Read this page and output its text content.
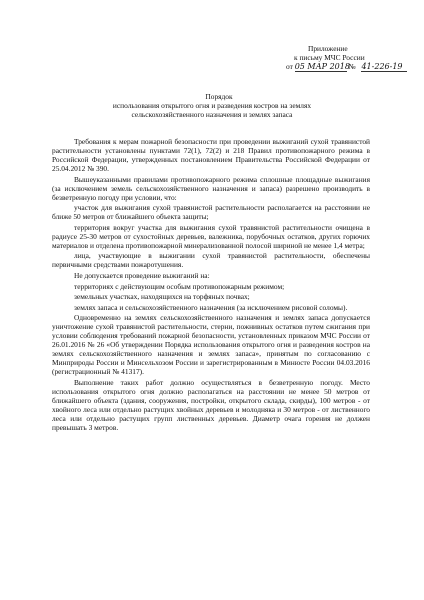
Приложение
к письму МЧС России
от 05 МАР 2018 № 41-226-19
Порядок
использования открытого огня и разведения костров на землях
сельскохозяйственного назначения и землях запаса

Требования к мерам пожарной безопасности при проведении выжиганий сухой травянистой растительности установлены пунктами 72(1), 72(2) и 218 Правил противопожарного режима в Российской Федерации, утвержденных постановлением Правительства Российской Федерации от 25.04.2012 № 390.

Вышеуказанными правилами противопожарного режима сплошные площадные выжигания (за исключением земель сельскохозяйственного назначения и запаса) разрешено производить в безветренную погоду при условии, что:

участок для выжигания сухой травянистой растительности располагается на расстоянии не ближе 50 метров от ближайшего объекта защиты;

территория вокруг участка для выжигания сухой травянистой растительности очищена в радиусе 25-30 метров от сухостойных деревьев, валежника, порубочных остатков, других горючих материалов и отделена противопожарной минерализованной полосой шириной не менее 1,4 метра;

лица, участвующие в выжигании сухой травянистой растительности, обеспечены первичными средствами пожаротушения.

Не допускается проведение выжиганий на:

территориях с действующим особым противопожарным режимом;

земельных участках, находящихся на торфяных почвах;

землях запаса и сельскохозяйственного назначения (за исключением рисовой соломы).

Одновременно на землях сельскохозяйственного назначения и землях запаса допускается уничтожение сухой травянистой растительности, стерни, пожнивных остатков путем сжигания при условии соблюдения требований пожарной безопасности, установленных приказом МЧС России от 26.01.2016 № 26 «Об утверждении Порядка использования открытого огня и разведения костров на землях сельскохозяйственного назначения и землях запаса», принятым по согласованию с Минприроды России и Минсельхозом России и зарегистрированным в Минюсте России 04.03.2016 (регистрационный № 41317).

Выполнение таких работ должно осуществляться в безветренную погоду. Место использования открытого огня должно располагаться на расстоянии не менее 50 метров от ближайшего объекта (здания, сооружения, постройки, открытого склада, скирды), 100 метров - от хвойного леса или отдельно растущих хвойных деревьев и молодняка и 30 метров - от лиственного леса или отдельно растущих групп лиственных деревьев. Диаметр очага горения не должен превышать 3 метров.
